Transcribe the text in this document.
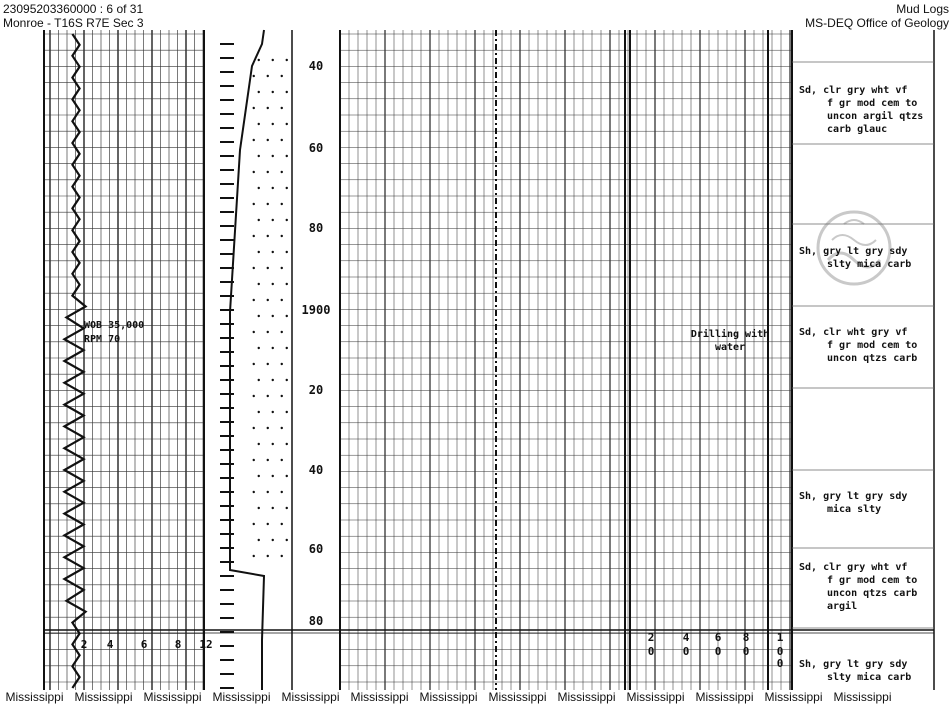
23095203360000 : 6 of 31
Monroe - T16S R7E Sec 3
Mud Logs
MS-DEQ Office of Geology
40
60
80
1900
20
40
60
80
2 4 6 8 12
2	4 6 8 1
0	0 0 0 0
0
Sd, clr gry wht vf
f gr mod cem to
uncon argil qtzs
carb glauc
Sh, gry lt gry sdy
slty mica carb
Sd, clr wht gry vf
f gr mod cem to
uncon qtzs carb
Sh, gry lt gry sdy
mica slty
Sd, clr gry wht vf
f gr mod cem to
uncon qtzs carb
argil
Sh, gry lt gry sdy
slty mica carb
WOB 35,000
RPM 70	Drilling with
water
Mississippi Mississippi Mississippi Mississippi Mississippi Mississippi Mississippi Mississippi Mississippi Mississippi Mississippi Mississippi Mississippi
